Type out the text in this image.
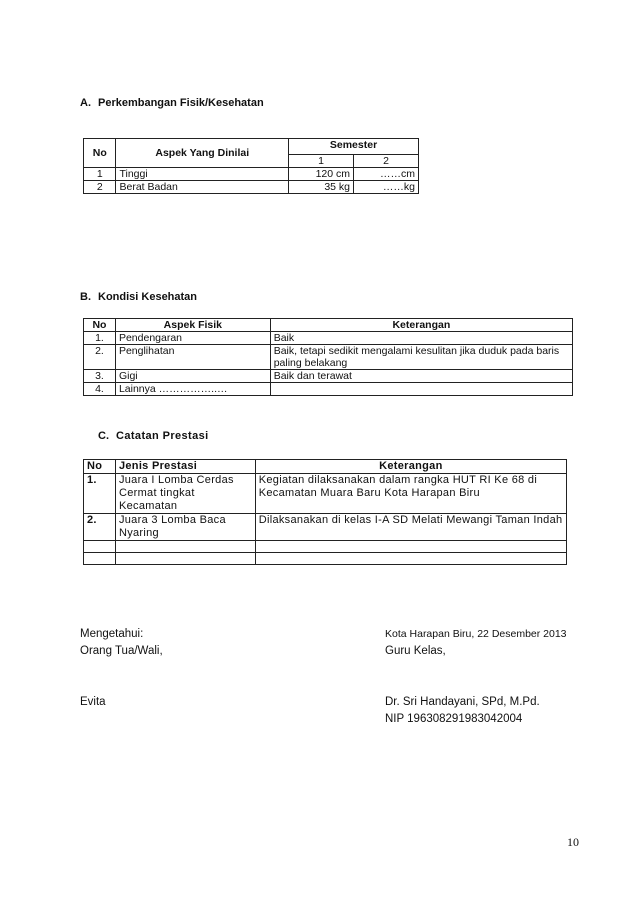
A. Perkembangan Fisik/Kesehatan
No	Aspek Yang Dinilai	Semester	
		1	2
1	Tinggi	120 cm	……cm
2	Berat Badan	35 kg	……kg
B. Kondisi Kesehatan
No	Aspek Fisik	Keterangan
1.	Pendengaran	Baik
2.	Penglihatan	Baik, tetapi sedikit mengalami kesulitan jika duduk pada baris paling belakang
3.	Gigi	Baik dan terawat
4.	Lainnya ……………..…	
C. Catatan Prestasi
No	Jenis Prestasi	Keterangan
1.	Juara I Lomba Cerdas Cermat tingkat Kecamatan	Kegiatan dilaksanakan dalam rangka HUT RI Ke 68 di Kecamatan Muara Baru Kota Harapan Biru
2.	Juara 3 Lomba Baca Nyaring	Dilaksanakan di kelas I-A SD Melati Mewangi Taman Indah

Mengetahui:
Orang Tua/Wali,
Evita
Kota Harapan Biru, 22 Desember 2013
Guru Kelas,
Dr. Sri Handayani, SPd, M.Pd.
NIP 196308291983042004
10
